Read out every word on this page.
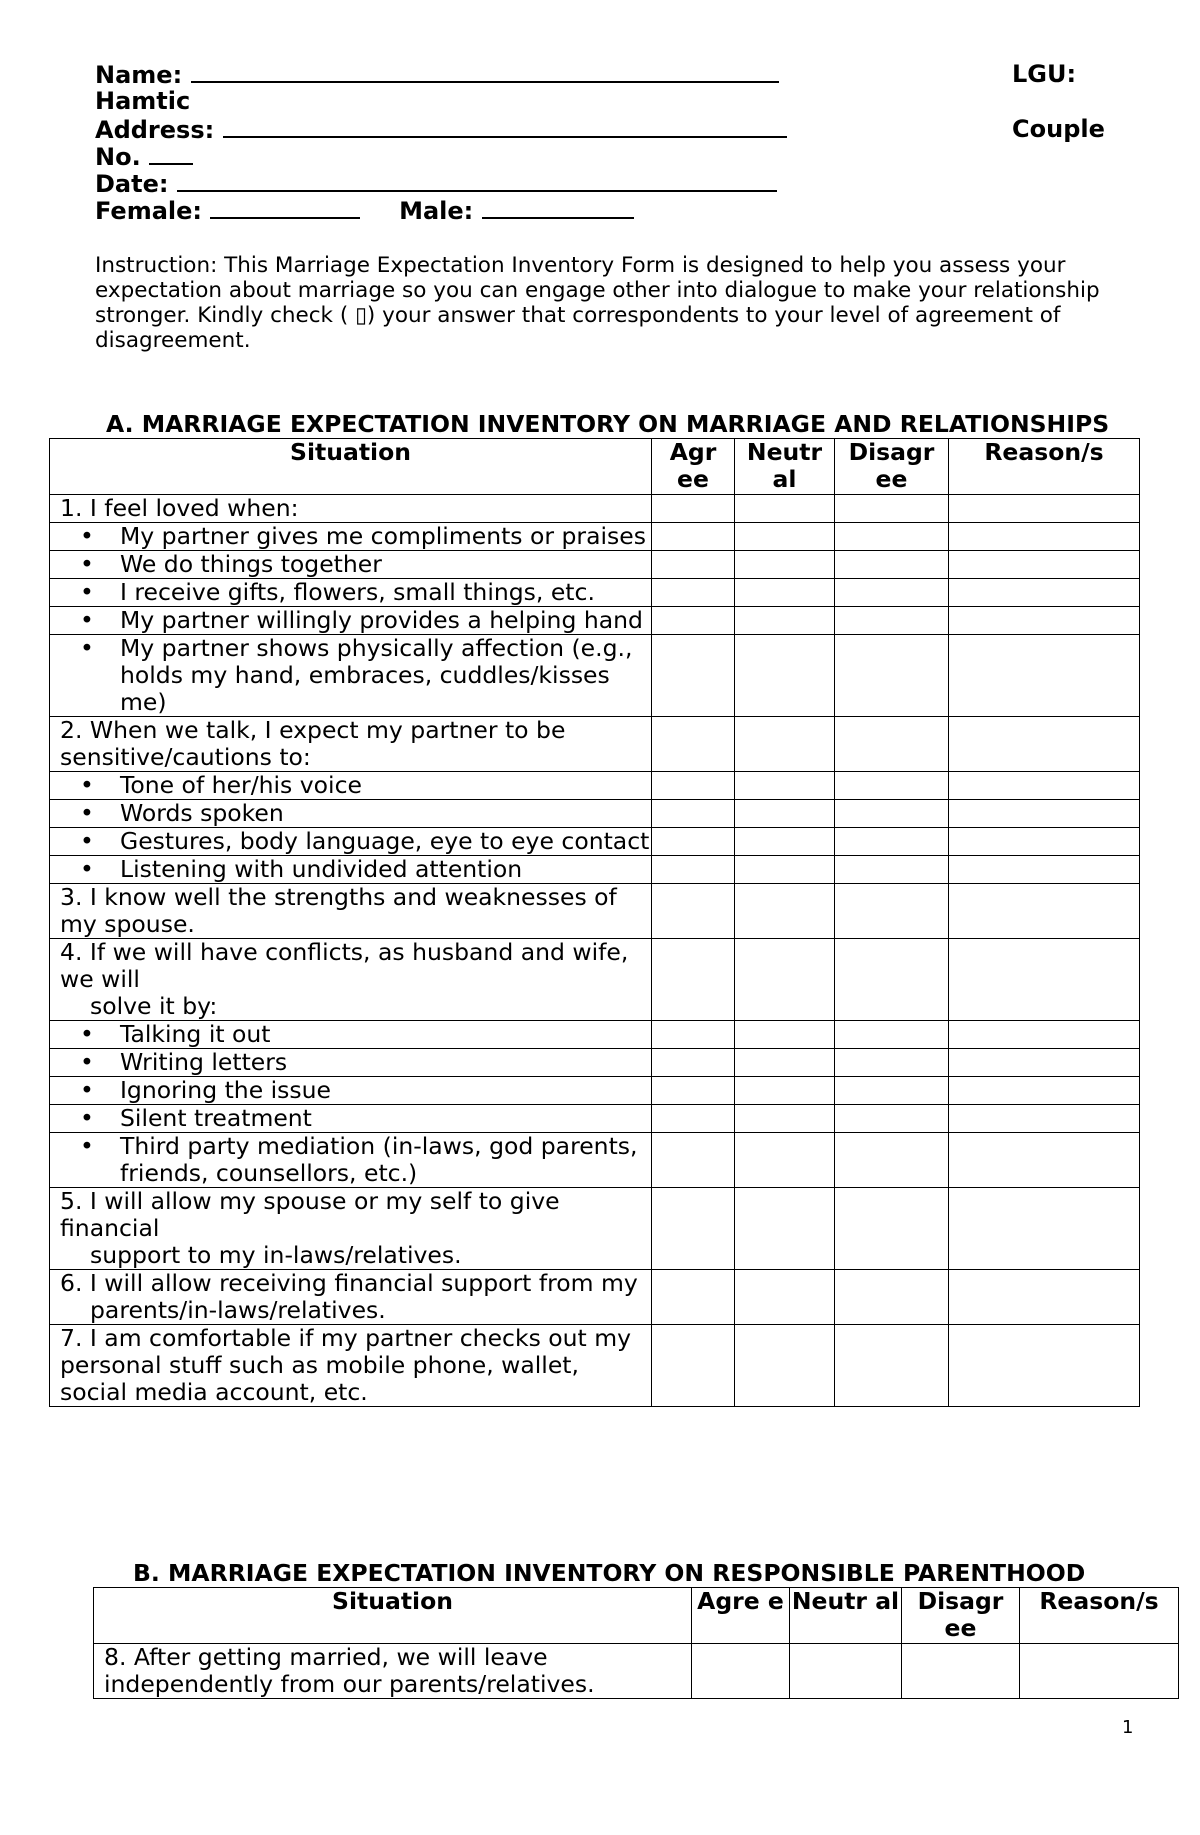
Name:	LGU:
Hamtic
Address:	Couple
No.
Date:
Female:	Male:
Instruction: This Marriage Expectation Inventory Form is designed to help you assess your expectation about marriage so you can engage other into dialogue to make your relationship stronger. Kindly check ( ▯) your answer that correspondents to your level of agreement of disagreement.
A. MARRIAGE EXPECTATION INVENTORY ON MARRIAGE AND RELATIONSHIPS
Situation	Agr ee	Neutr al	Disagr ee	Reason/s
1. I feel loved when:				

• My partner gives me compliments or praises				

• We do things together				

• I receive gifts, flowers, small things, etc.				

• My partner willingly provides a helping hand				

• My partner shows physically affection (e.g., holds my hand, embraces, cuddles/kisses me)				

2. When we talk, I expect my partner to be sensitive/cautions to:				

• Tone of her/his voice				

• Words spoken				

• Gestures, body language, eye to eye contact				

• Listening with undivided attention				

3. I know well the strengths and weaknesses of my spouse.				
4. If we will have conflicts, as husband and wife, we will
solve it by:				

• Talking it out				

• Writing letters				

• Ignoring the issue				

• Silent treatment				

• Third party mediation (in-laws, god parents, friends, counsellors, etc.)				

5. I will allow my spouse or my self to give financial
support to my in-laws/relatives.				

6. I will allow receiving financial support from my
parents/in-laws/relatives.				

7. I am comfortable if my partner checks out my personal stuff such as mobile phone, wallet, social media account, etc.				
B. MARRIAGE EXPECTATION INVENTORY ON RESPONSIBLE PARENTHOOD
Situation	Agre e	Neutr al	Disagr ee	Reason/s
8. After getting married, we will leave independently from our parents/relatives.				
1
